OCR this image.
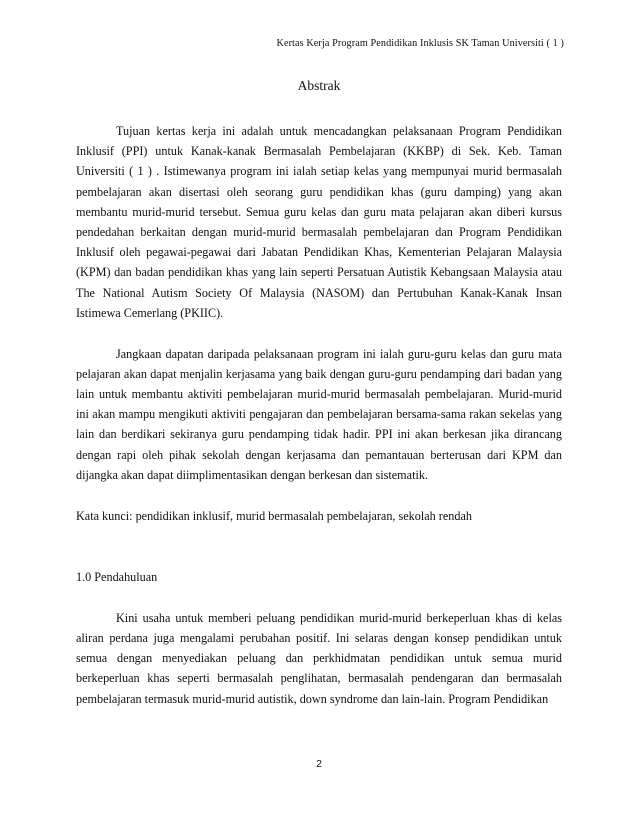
Kertas Kerja Program Pendidikan Inklusis SK Taman Universiti ( 1 )
Abstrak

Tujuan kertas kerja ini adalah untuk mencadangkan pelaksanaan Program Pendidikan Inklusif (PPI) untuk Kanak-kanak Bermasalah Pembelajaran (KKBP) di Sek. Keb. Taman Universiti ( 1 ) . Istimewanya program ini ialah setiap kelas yang mempunyai murid bermasalah pembelajaran akan disertasi oleh seorang guru pendidikan khas (guru damping) yang akan membantu murid-murid tersebut. Semua guru kelas dan guru mata pelajaran akan diberi kursus pendedahan berkaitan dengan murid-murid bermasalah pembelajaran dan Program Pendidikan Inklusif oleh pegawai-pegawai dari Jabatan Pendidikan Khas, Kementerian Pelajaran Malaysia (KPM) dan badan pendidikan khas yang lain seperti Persatuan Autistik Kebangsaan Malaysia atau The National Autism Society Of Malaysia (NASOM) dan Pertubuhan Kanak-Kanak Insan Istimewa Cemerlang (PKIIC).

Jangkaan dapatan daripada pelaksanaan program ini ialah guru-guru kelas dan guru mata pelajaran akan dapat menjalin kerjasama yang baik dengan guru-guru pendamping dari badan yang lain untuk membantu aktiviti pembelajaran murid-murid bermasalah pembelajaran. Murid-murid ini akan mampu mengikuti aktiviti pengajaran dan pembelajaran bersama-sama rakan sekelas yang lain dan berdikari sekiranya guru pendamping tidak hadir. PPI ini akan berkesan jika dirancang dengan rapi oleh pihak sekolah dengan kerjasama dan pemantauan berterusan dari KPM dan dijangka akan dapat diimplimentasikan dengan berkesan dan sistematik.

Kata kunci: pendidikan inklusif, murid bermasalah pembelajaran, sekolah rendah

1.0 Pendahuluan

Kini usaha untuk memberi peluang pendidikan murid-murid berkeperluan khas di kelas aliran perdana juga mengalami perubahan positif. Ini selaras dengan konsep pendidikan untuk semua dengan menyediakan peluang dan perkhidmatan pendidikan untuk semua murid berkeperluan khas seperti bermasalah penglihatan, bermasalah pendengaran dan bermasalah pembelajaran termasuk murid-murid autistik, down syndrome dan lain-lain. Program Pendidikan

2
